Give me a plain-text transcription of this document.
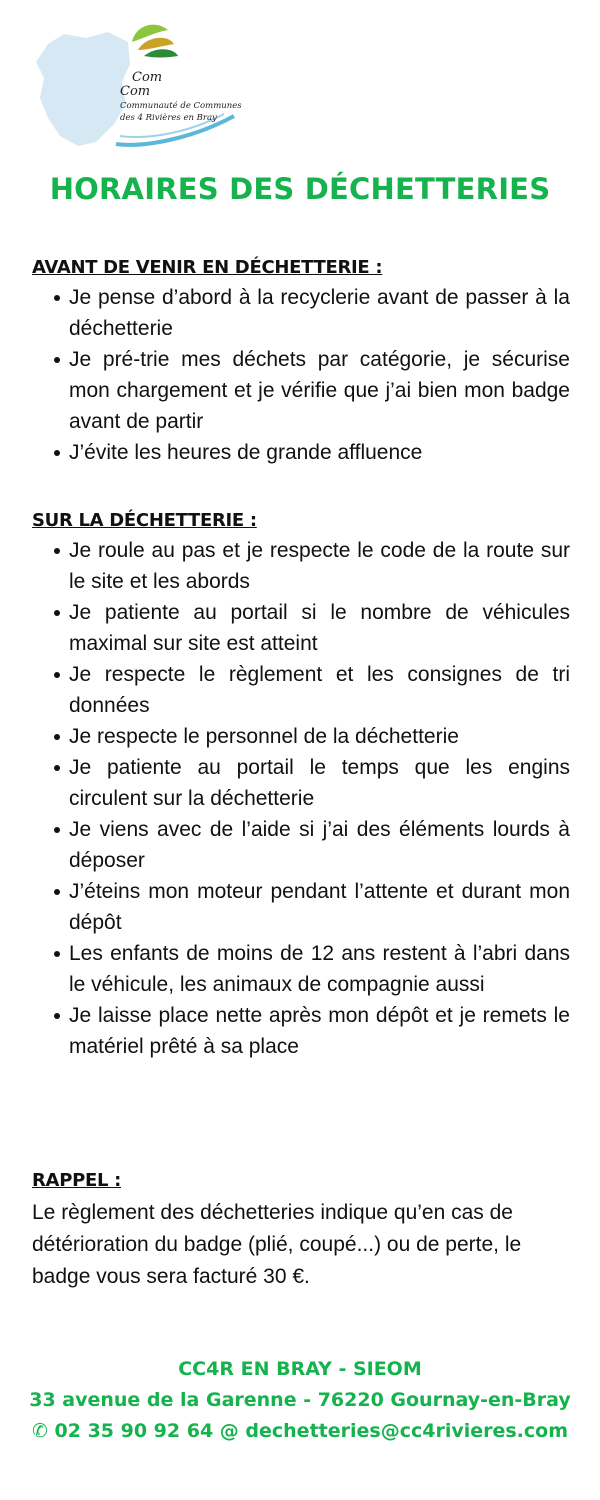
Com
Com
Communauté de Communes
des 4 Rivières en Bray
HORAIRES DES DÉCHETTERIES
AVANT DE VENIR EN DÉCHETTERIE :
Je pense d’abord à la recyclerie avant de passer à la déchetterie
Je pré-trie mes déchets par catégorie, je sécurise mon chargement et je vérifie que j’ai bien mon badge avant de partir
J’évite les heures de grande affluence
SUR LA DÉCHETTERIE :
Je roule au pas et je respecte le code de la route sur le site et les abords
Je patiente au portail si le nombre de véhicules maximal sur site est atteint
Je respecte le règlement et les consignes de tri données
Je respecte le personnel de la déchetterie
Je patiente au portail le temps que les engins circulent sur la déchetterie
Je viens avec de l’aide si j’ai des éléments lourds à déposer
J’éteins mon moteur pendant l’attente et durant mon dépôt
Les enfants de moins de 12 ans restent à l’abri dans le véhicule, les animaux de compagnie aussi
Je laisse place nette après mon dépôt et je remets le matériel prêté à sa place
RAPPEL :
Le règlement des déchetteries indique qu’en cas de détérioration du badge (plié, coupé...) ou de perte, le badge vous sera facturé 30 €.
CC4R EN BRAY - SIEOM
33 avenue de la Garenne - 76220 Gournay-en-Bray
✆ 02 35 90 92 64 @ dechetteries@cc4rivieres.com
